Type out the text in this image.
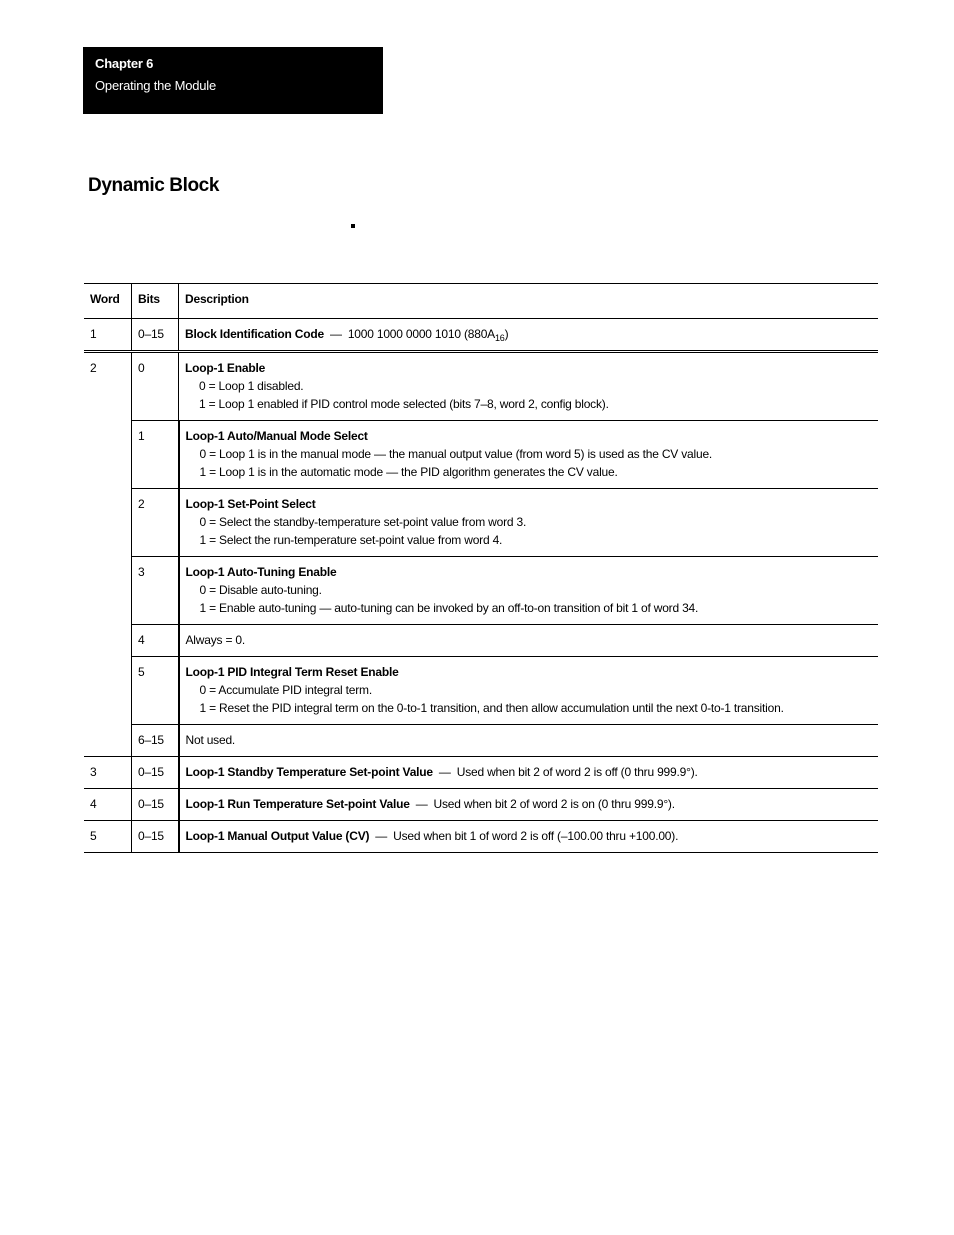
Chapter 6
Operating the Module
Dynamic Block
Word	Bits	Description
1	0–15	Block Identification Code — 1000 1000 0000 1010 $(880A_{16})$
2	0	Loop-1 Enable
0 = Loop 1 disabled.
1 = Loop 1 enabled if PID control mode selected (bits 7–8, word 2, config block).

	1	Loop-1 Auto/Manual Mode Select
0 = Loop 1 is in the manual mode — the manual output value (from word 5) is used as the CV value.
1 = Loop 1 is in the automatic mode — the PID algorithm generates the CV value.

	2	Loop-1 Set-Point Select
0 = Select the standby-temperature set-point value from word 3.
1 = Select the run-temperature set-point value from word 4.

	3	Loop-1 Auto-Tuning Enable
0 = Disable auto-tuning.
1 = Enable auto-tuning — auto-tuning can be invoked by an off-to-on transition of bit 1 of word 34.

	4	Always = 0.
	5	Loop-1 PID Integral Term Reset Enable
0 = Accumulate PID integral term.
1 = Reset the PID integral term on the 0-to-1 transition, and then allow accumulation until the next 0-to-1 transition.

	6–15	Not used.
3	0–15	Loop-1 Standby Temperature Set-point Value — Used when bit 2 of word 2 is off (0 thru 999.9°).
4	0–15	Loop-1 Run Temperature Set-point Value — Used when bit 2 of word 2 is on (0 thru 999.9°).
5	0–15	Loop-1 Manual Output Value (CV) — Used when bit 1 of word 2 is off (–100.00 thru +100.00).
